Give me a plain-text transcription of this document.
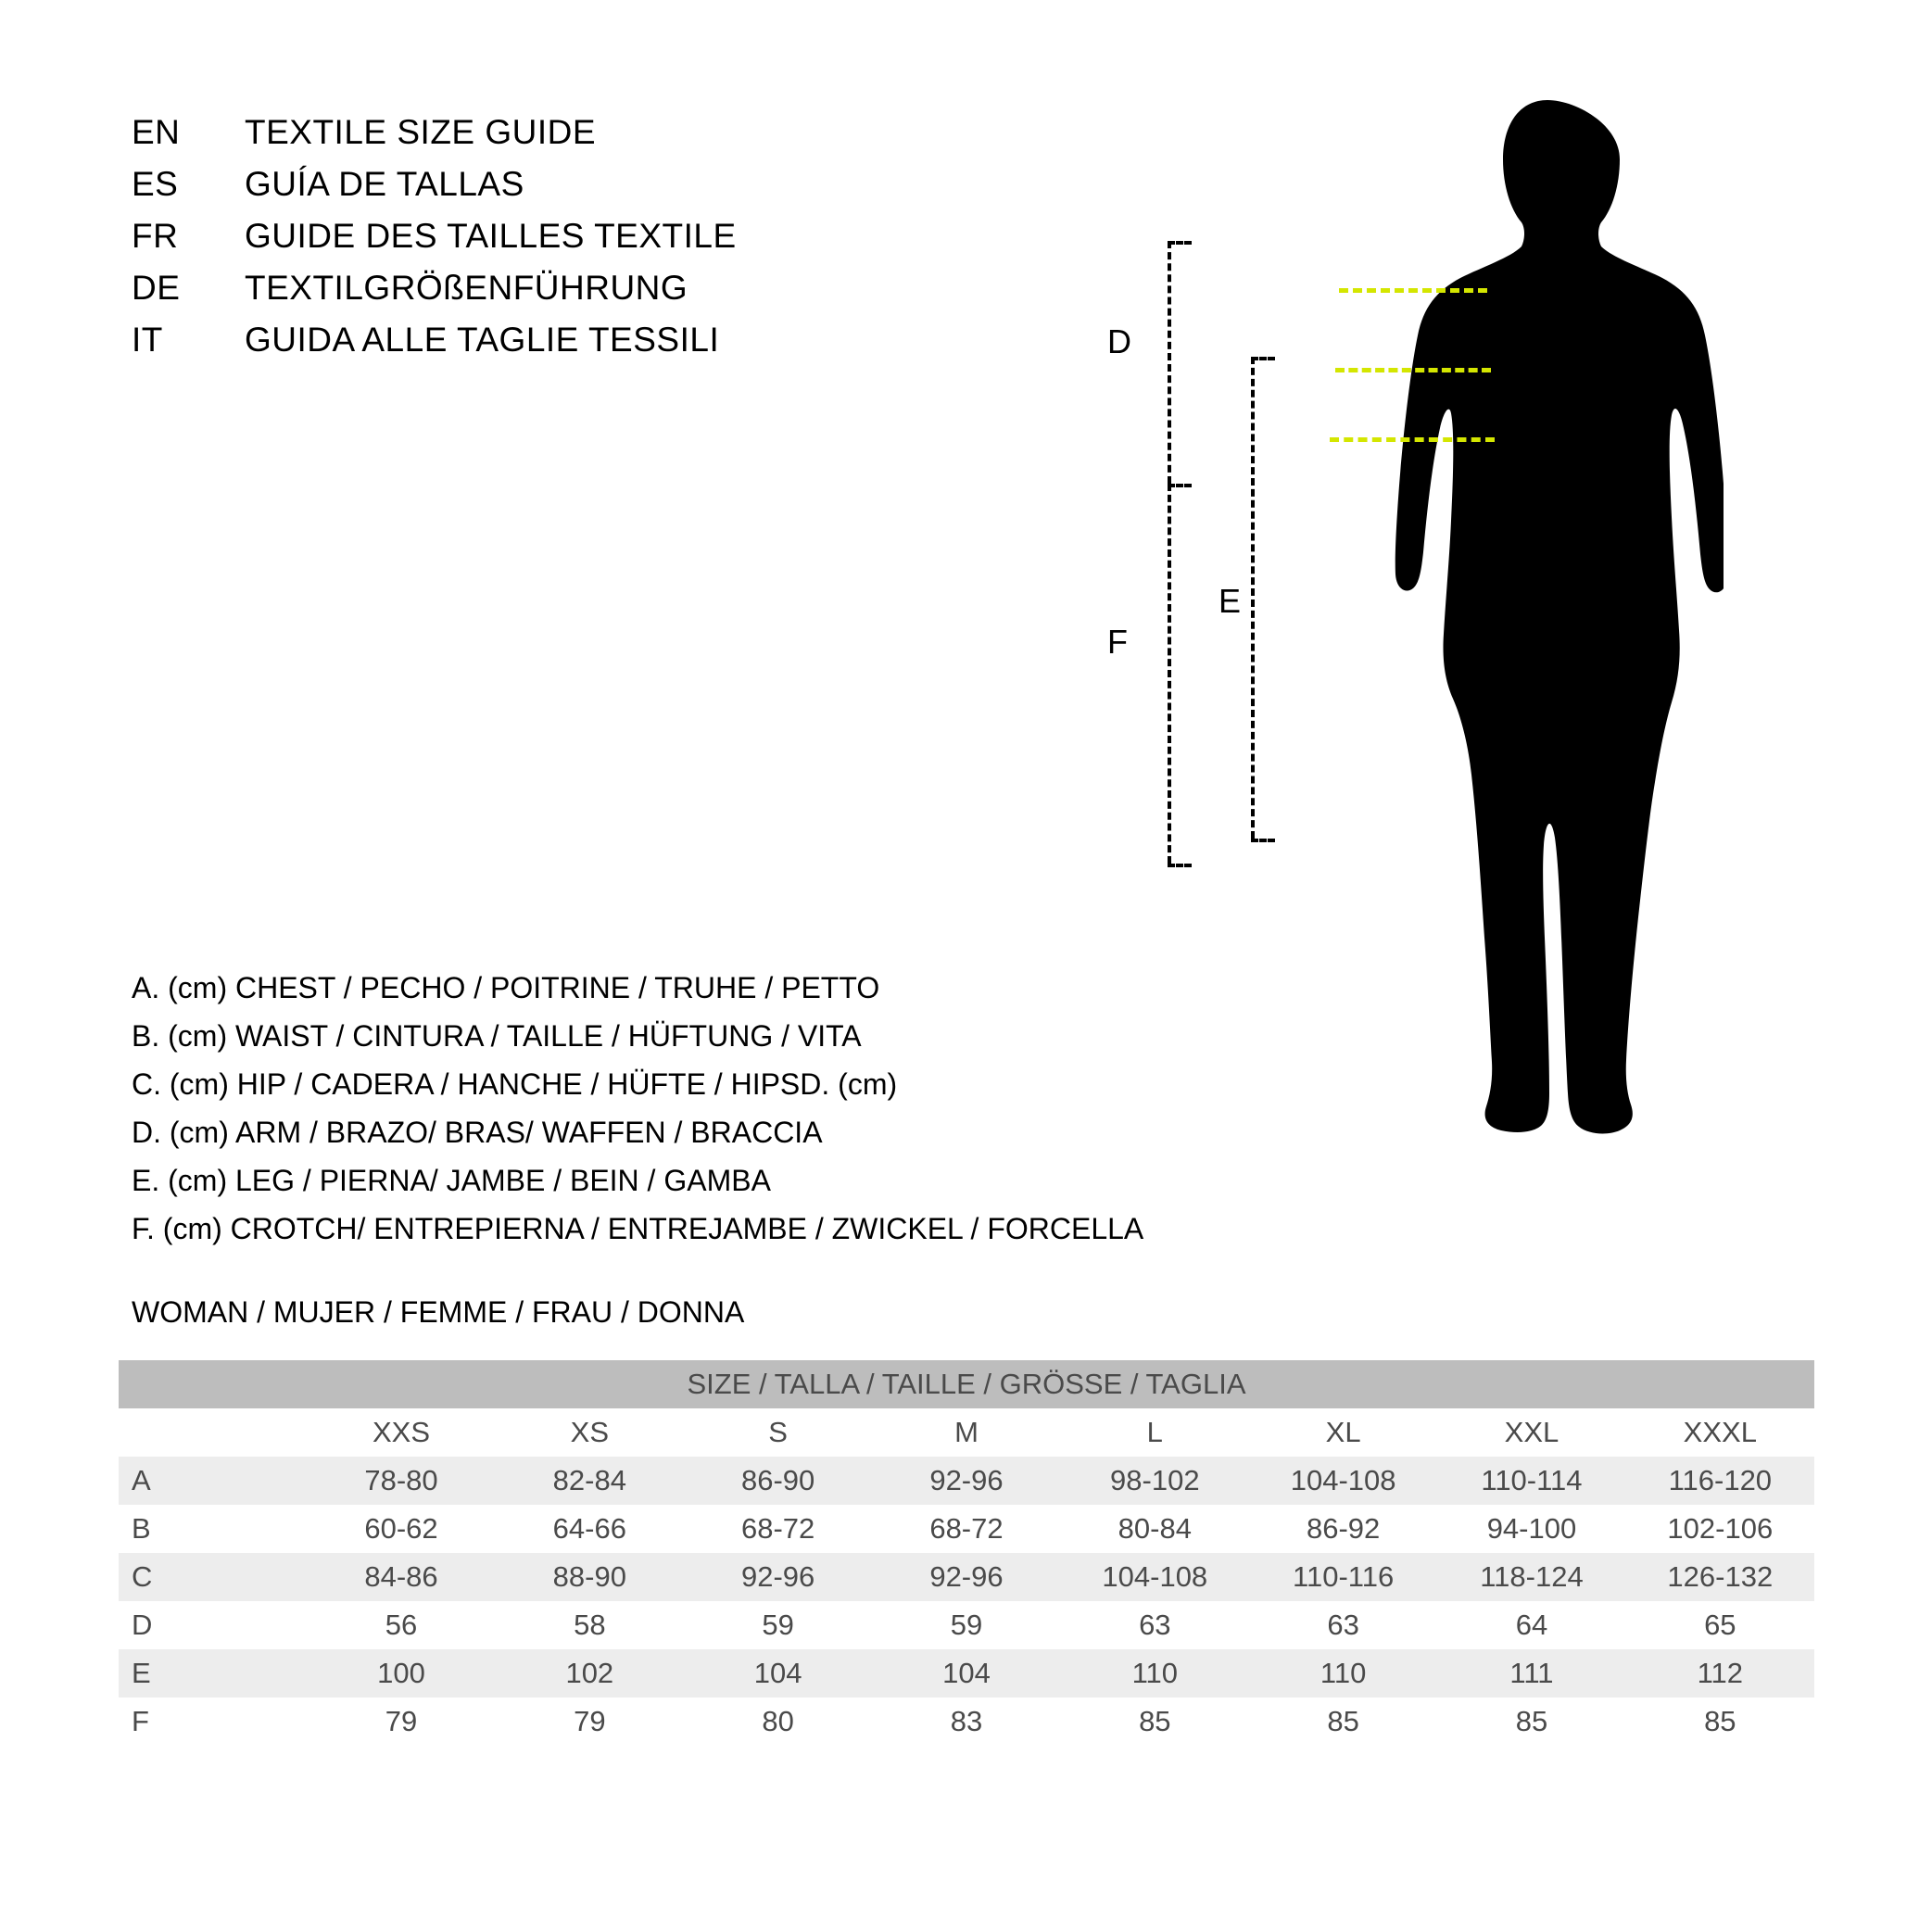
EN	TEXTILE SIZE GUIDE
ES	GUÍA DE TALLAS
FR	GUIDE DES TAILLES TEXTILE
DE	TEXTILGRÖßENFÜHRUNG
IT	GUIDA ALLE TAGLIE TESSILI
A. (cm) CHEST / PECHO / POITRINE / TRUHE / PETTO
B. (cm) WAIST / CINTURA / TAILLE / HÜFTUNG / VITA
C. (cm) HIP / CADERA / HANCHE / HÜFTE / HIPSD. (cm)
D. (cm) ARM / BRAZO/ BRAS/ WAFFEN / BRACCIA
E. (cm) LEG / PIERNA/ JAMBE / BEIN / GAMBA
F. (cm) CROTCH/ ENTREPIERNA / ENTREJAMBE / ZWICKEL / FORCELLA
WOMAN / MUJER / FEMME / FRAU / DONNA
A
B
C
D
F
E
SIZE / TALLA / TAILLE / GRÖSSE / TAGLIA								
	XXS	XS	S	M	L	XL	XXL	XXXL
A	78-80	82-84	86-90	92-96	98-102	104-108	110-114	116-120
B	60-62	64-66	68-72	68-72	80-84	86-92	94-100	102-106
C	84-86	88-90	92-96	92-96	104-108	110-116	118-124	126-132
D	56	58	59	59	63	63	64	65
E	100	102	104	104	110	110	111	112
F	79	79	80	83	85	85	85	85
